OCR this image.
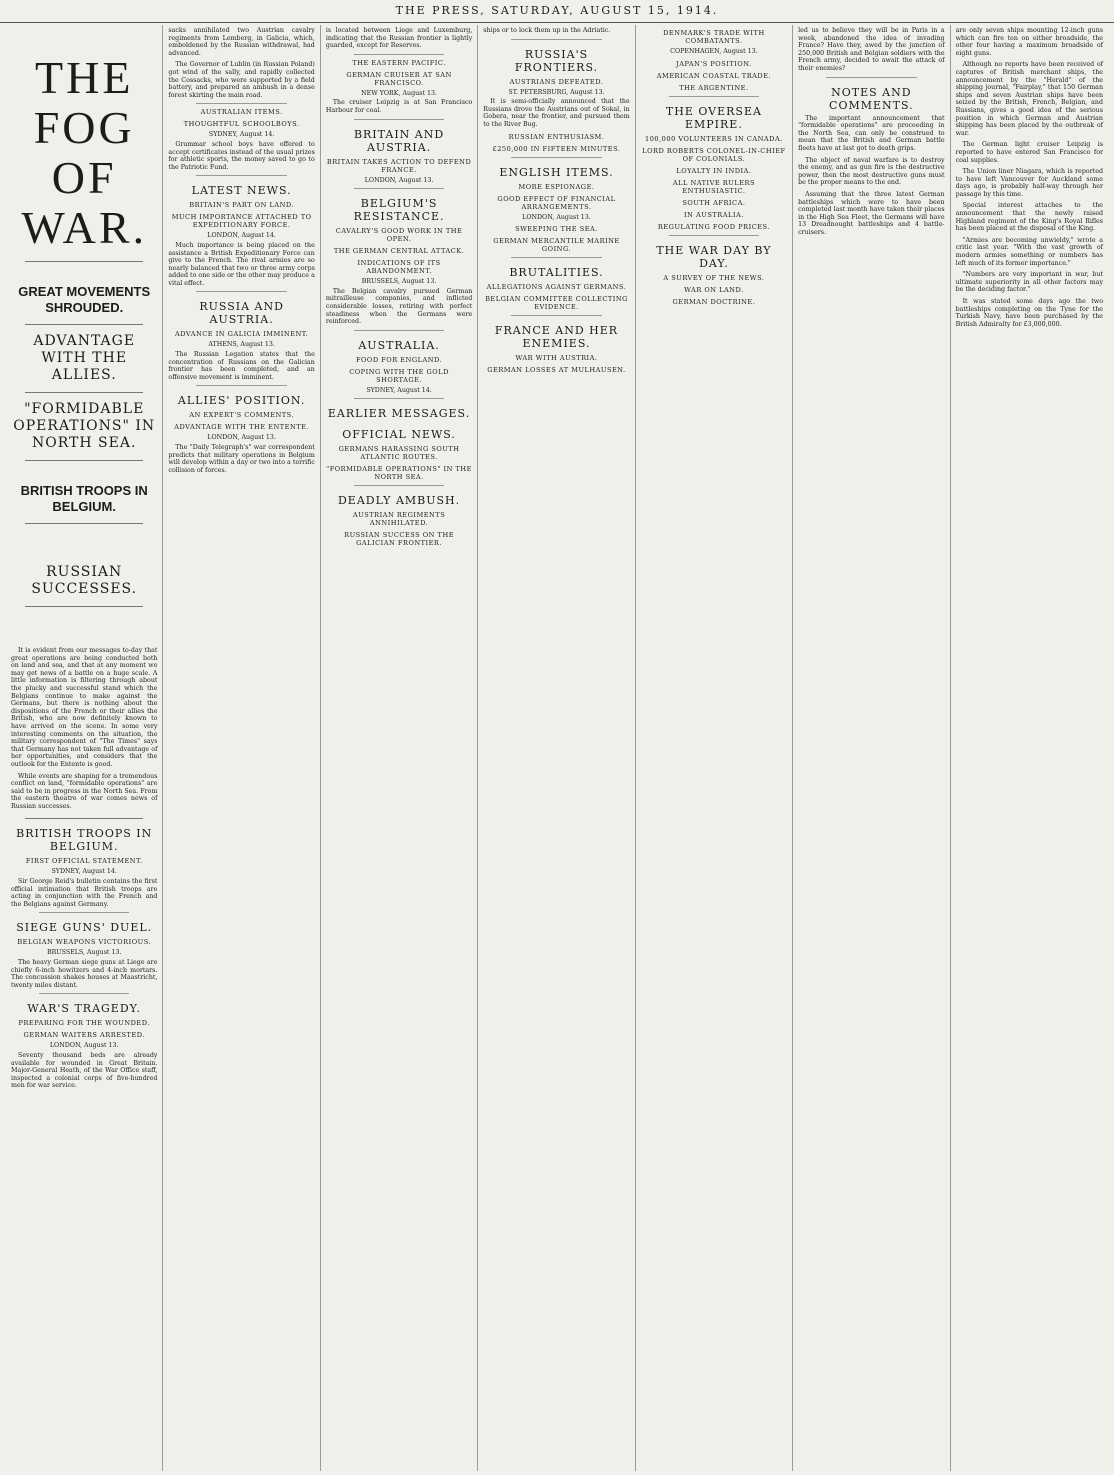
THE PRESS, SATURDAY, AUGUST 15, 1914.
THE FOG OF WAR.
GREAT MOVEMENTS SHROUDED.
ADVANTAGE WITH THE ALLIES.
"FORMIDABLE OPERATIONS" IN NORTH SEA.
BRITISH TROOPS IN BELGIUM.
RUSSIAN SUCCESSES.

It is evident from our messages to-day that great operations are being conducted both on land and sea, and that at any moment we may get news of a battle on a huge scale. A little information is filtering through about the plucky and successful stand which the Belgians continue to make against the Germans, but there is nothing about the dispositions of the French or their allies the British, who are now definitely known to have arrived on the scene. In some very interesting comments on the situation, the military correspondent of "The Times" says that Germany has not taken full advantage of her opportunities, and considers that the outlook for the Entente is good.

While events are shaping for a tremendous conflict on land, "formidable operations" are said to be in progress in the North Sea. From the eastern theatre of war comes news of Russian successes.

BRITISH TROOPS IN BELGIUM.
FIRST OFFICIAL STATEMENT.
SYDNEY, August 14.

Sir George Reid's bulletin contains the first official intimation that British troops are acting in conjunction with the French and the Belgians against Germany.

SIEGE GUNS' DUEL.
BELGIAN WEAPONS VICTORIOUS.
BRUSSELS, August 13.

The heavy German siege guns at Liege are chiefly 6-inch howitzers and 4-inch mortars. The concussion shakes houses at Maastricht, twenty miles distant.

WAR'S TRAGEDY.
PREPARING FOR THE WOUNDED.
GERMAN WAITERS ARRESTED.
LONDON, August 13.

Seventy thousand beds are already available for wounded in Great Britain. Major-General Heath, of the War Office staff, inspected a colonial corps of five-hundred men for war service.

sacks annihilated two Austrian cavalry regiments from Lemberg, in Galicia, which, emboldened by the Russian withdrawal, had advanced.

The Governor of Lublin (in Russian Poland) got wind of the sally, and rapidly collected the Cossacks, who were supported by a field battery, and prepared an ambush in a dense forest skirting the main road.

AUSTRALIAN ITEMS.
THOUGHTFUL SCHOOLBOYS.
SYDNEY, August 14.

Grammar school boys have offered to accept certificates instead of the usual prizes for athletic sports, the money saved to go to the Patriotic Fund.

LATEST NEWS.
BRITAIN'S PART ON LAND.
MUCH IMPORTANCE ATTACHED TO EXPEDITIONARY FORCE.
LONDON, August 14.

Much importance is being placed on the assistance a British Expeditionary Force can give to the French. The rival armies are so nearly balanced that two or three army corps added to one side or the other may produce a vital effect.

RUSSIA AND AUSTRIA.
ADVANCE IN GALICIA IMMINENT.
ATHENS, August 13.

The Russian Legation states that the concentration of Russians on the Galician frontier has been completed, and an offensive movement is imminent.

ALLIES' POSITION.
AN EXPERT'S COMMENTS.
ADVANTAGE WITH THE ENTENTE.
LONDON, August 13.

The "Daily Telegraph's" war correspondent predicts that military operations in Belgium will develop within a day or two into a terrific collision of forces.

is located between Liege and Luxemburg, indicating that the Russian frontier is lightly guarded, except for Reserves.

THE EASTERN PACIFIC.
GERMAN CRUISER AT SAN FRANCISCO.
NEW YORK, August 13.

The cruiser Leipzig is at San Francisco Harbour for coal.

BRITAIN AND AUSTRIA.
BRITAIN TAKES ACTION TO DEFEND FRANCE.
LONDON, August 13.
BELGIUM'S RESISTANCE.
CAVALRY'S GOOD WORK IN THE OPEN.
THE GERMAN CENTRAL ATTACK.
INDICATIONS OF ITS ABANDONMENT.
BRUSSELS, August 13.

The Belgian cavalry pursued German mitrailleuse companies, and inflicted considerable losses, retiring with perfect steadiness when the Germans were reinforced.

AUSTRALIA.
FOOD FOR ENGLAND.
COPING WITH THE GOLD SHORTAGE.
SYDNEY, August 14.
EARLIER MESSAGES.
OFFICIAL NEWS.
GERMANS HARASSING SOUTH ATLANTIC ROUTES.
"FORMIDABLE OPERATIONS" IN THE NORTH SEA.
DEADLY AMBUSH.
AUSTRIAN REGIMENTS ANNIHILATED.
RUSSIAN SUCCESS ON THE GALICIAN FRONTIER.

ships or to lock them up in the Adriatic.

RUSSIA'S FRONTIERS.
AUSTRIANS DEFEATED.
ST. PETERSBURG, August 13.

It is semi-officially announced that the Russians drove the Austrians out of Sokal, in Gobera, near the frontier, and pursued them to the River Bug.

RUSSIAN ENTHUSIASM.
£250,000 IN FIFTEEN MINUTES.
ENGLISH ITEMS.
MORE ESPIONAGE.
GOOD EFFECT OF FINANCIAL ARRANGEMENTS.
LONDON, August 13.
SWEEPING THE SEA.
GERMAN MERCANTILE MARINE GOING.
BRUTALITIES.
ALLEGATIONS AGAINST GERMANS.
BELGIAN COMMITTEE COLLECTING EVIDENCE.
FRANCE AND HER ENEMIES.
WAR WITH AUSTRIA.
GERMAN LOSSES AT MULHAUSEN.
DENMARK'S TRADE WITH COMBATANTS.
COPENHAGEN, August 13.
JAPAN'S POSITION.
AMERICAN COASTAL TRADE.
THE ARGENTINE.
THE OVERSEA EMPIRE.
100,000 VOLUNTEERS IN CANADA.
LORD ROBERTS COLONEL-IN-CHIEF OF COLONIALS.
LOYALTY IN INDIA.
ALL NATIVE RULERS ENTHUSIASTIC.
SOUTH AFRICA.
IN AUSTRALIA.
REGULATING FOOD PRICES.
THE WAR DAY BY DAY.
A SURVEY OF THE NEWS.
WAR ON LAND.
GERMAN DOCTRINE.

led us to believe they will be in Paris in a week, abandoned the idea of invading France? Have they, awed by the junction of 250,000 British and Belgian soldiers with the French army, decided to await the attack of their enemies?

NOTES AND COMMENTS.

The important announcement that "formidable operations" are proceeding in the North Sea, can only be construed to mean that the British and German battle fleets have at last got to death grips.

The object of naval warfare is to destroy the enemy, and as gun fire is the destructive power, then the most destructive guns must be the proper means to the end.

Assuming that the three latest German battleships which were to have been completed last month have taken their places in the High Sea Fleet, the Germans will have 13 Dreadnought battleships and 4 battle-cruisers.

are only seven ships mounting 12-inch guns which can fire ten on either broadside, the other four having a maximum broadside of eight guns.

Although no reports have been received of captures of British merchant ships, the announcement by the "Herald" of the shipping journal, "Fairplay," that 150 German ships and seven Austrian ships have been seized by the British, French, Belgian, and Russians, gives a good idea of the serious position in which German and Austrian shipping has been placed by the outbreak of war.

The German light cruiser Leipzig is reported to have entered San Francisco for coal supplies.

The Union liner Niagara, which is reported to have left Vancouver for Auckland some days ago, is probably half-way through her passage by this time.

Special interest attaches to the announcement that the newly raised Highland regiment of the King's Royal Rifles has been placed at the disposal of the King.

"Armies are becoming unwieldy," wrote a critic last year. "With the vast growth of modern armies something or numbers has left much of its former importance."

"Numbers are very important in war, but ultimate superiority in all other factors may be the deciding factor."

It was stated some days ago the two battleships completing on the Tyne for the Turkish Navy, have been purchased by the British Admiralty for £3,000,000.
